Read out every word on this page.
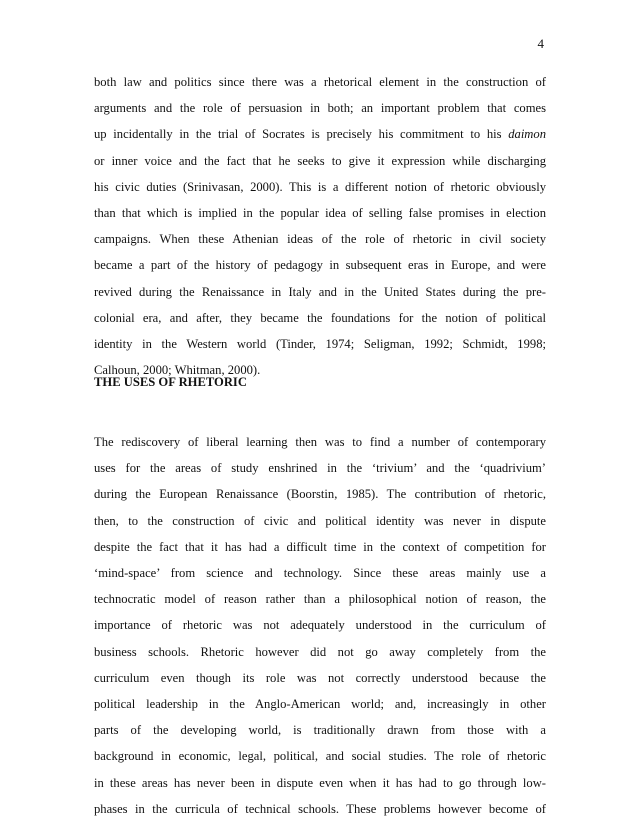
4

both law and politics since there was a rhetorical element in the construction of
arguments and the role of persuasion in both; an important problem that comes
up incidentally in the trial of Socrates is precisely his commitment to his daimon
or inner voice and the fact that he seeks to give it expression while discharging
his civic duties (Srinivasan, 2000). This is a different notion of rhetoric obviously
than that which is implied in the popular idea of selling false promises in election
campaigns. When these Athenian ideas of the role of rhetoric in civil society
became a part of the history of pedagogy in subsequent eras in Europe, and were
revived during the Renaissance in Italy and in the United States during the pre-
colonial era, and after, they became the foundations for the notion of political
identity in the Western world (Tinder, 1974; Seligman, 1992; Schmidt, 1998;
Calhoun, 2000; Whitman, 2000).
THE USES OF RHETORIC
The rediscovery of liberal learning then was to find a number of contemporary
uses for the areas of study enshrined in the ‘trivium’ and the ‘quadrivium’
during the European Renaissance (Boorstin, 1985). The contribution of rhetoric,
then, to the construction of civic and political identity was never in dispute
despite the fact that it has had a difficult time in the context of competition for
‘mind-space’ from science and technology. Since these areas mainly use a
technocratic model of reason rather than a philosophical notion of reason, the
importance of rhetoric was not adequately understood in the curriculum of
business schools. Rhetoric however did not go away completely from the
curriculum even though its role was not correctly understood because the
political leadership in the Anglo-American world; and, increasingly in other
parts of the developing world, is traditionally drawn from those with a
background in economic, legal, political, and social studies. The role of rhetoric
in these areas has never been in dispute even when it has had to go through low-
phases in the curricula of technical schools. These problems however become of
